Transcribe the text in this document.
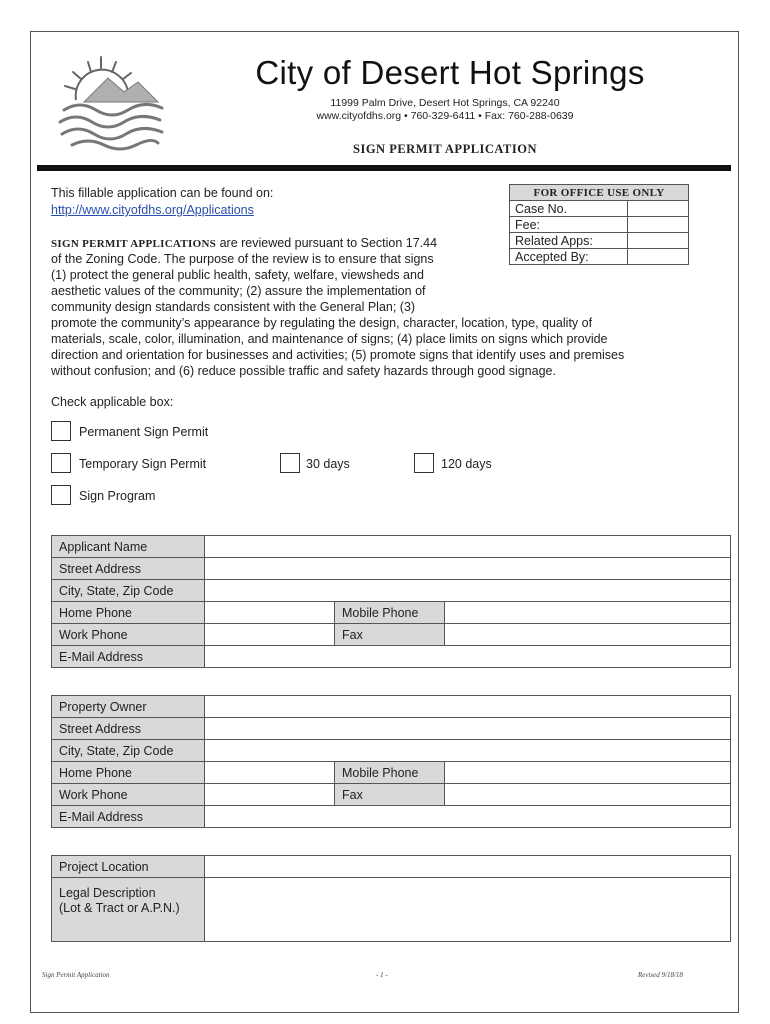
City of Desert Hot Springs
11999 Palm Drive, Desert Hot Springs, CA 92240
www.cityofdhs.org • 760-329-6411 • Fax: 760-288-0639
SIGN PERMIT APPLICATION
This fillable application can be found on:
http://www.cityofdhs.org/Applications
FOR OFFICE USE ONLY	
Case No.	
Fee:	
Related Apps:	
Accepted By:	
SIGN PERMIT APPLICATIONS are reviewed pursuant to Section 17.44
of the Zoning Code. The purpose of the review is to ensure that signs
(1) protect the general public health, safety, welfare, viewsheds and
aesthetic values of the community; (2) assure the implementation of
community design standards consistent with the General Plan; (3)
promote the community’s appearance by regulating the design, character, location, type, quality of
materials, scale, color, illumination, and maintenance of signs; (4) place limits on signs which provide
direction and orientation for businesses and activities; (5) promote signs that identify uses and premises
without confusion; and (6) reduce possible traffic and safety hazards through good signage.
Check applicable box:
Permanent Sign Permit
Temporary Sign Permit	30 days	120 days
Sign Program
Applicant Name			
Street Address			
City, State, Zip Code			
Home Phone		Mobile Phone	
Work Phone		Fax	
E-Mail Address			
Property Owner			
Street Address			
City, State, Zip Code			
Home Phone		Mobile Phone	
Work Phone		Fax	
E-Mail Address			
Project Location	
Legal Description
(Lot & Tract or A.P.N.)	
Sign Permit Application	- 1 -	Revised 9/18/18
